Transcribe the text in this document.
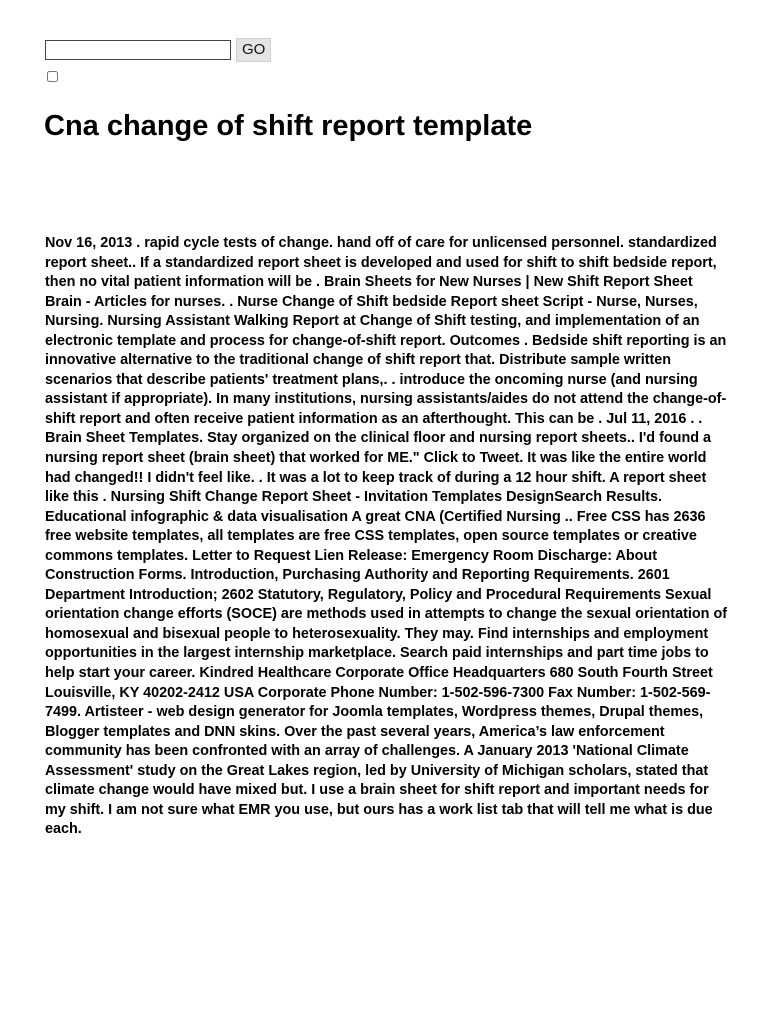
GO
Cna change of shift report template

Nov 16, 2013 . rapid cycle tests of change. hand off of care for unlicensed personnel. standardized report sheet.. If a standardized report sheet is developed and used for shift to shift bedside report, then no vital patient information will be . Brain Sheets for New Nurses | New Shift Report Sheet Brain - Articles for nurses. . Nurse Change of Shift bedside Report sheet Script - Nurse, Nurses, Nursing. Nursing Assistant Walking Report at Change of Shift testing, and implementation of an electronic template and process for change-of-shift report. Outcomes . Bedside shift reporting is an innovative alternative to the traditional change of shift report that. Distribute sample written scenarios that describe patients' treatment plans,. . introduce the oncoming nurse (and nursing assistant if appropriate). In many institutions, nursing assistants/aides do not attend the change-of-shift report and often receive patient information as an afterthought. This can be . Jul 11, 2016 . . Brain Sheet Templates. Stay organized on the clinical floor and nursing report sheets.. I'd found a nursing report sheet (brain sheet) that worked for ME." Click to Tweet. It was like the entire world had changed!! I didn't feel like. . It was a lot to keep track of during a 12 hour shift. A report sheet like this . Nursing Shift Change Report Sheet - Invitation Templates DesignSearch Results. Educational infographic & data visualisation A great CNA (Certified Nursing .. Free CSS has 2636 free website templates, all templates are free CSS templates, open source templates or creative commons templates. Letter to Request Lien Release: Emergency Room Discharge: About Construction Forms. Introduction, Purchasing Authority and Reporting Requirements. 2601 Department Introduction; 2602 Statutory, Regulatory, Policy and Procedural Requirements Sexual orientation change efforts (SOCE) are methods used in attempts to change the sexual orientation of homosexual and bisexual people to heterosexuality. They may. Find internships and employment opportunities in the largest internship marketplace. Search paid internships and part time jobs to help start your career. Kindred Healthcare Corporate Office Headquarters 680 South Fourth Street Louisville, KY 40202-2412 USA Corporate Phone Number: 1-502-596-7300 Fax Number: 1-502-569-7499. Artisteer - web design generator for Joomla templates, Wordpress themes, Drupal themes, Blogger templates and DNN skins. Over the past several years, America’s law enforcement community has been confronted with an array of challenges. A January 2013 'National Climate Assessment' study on the Great Lakes region, led by University of Michigan scholars, stated that climate change would have mixed but. I use a brain sheet for shift report and important needs for my shift. I am not sure what EMR you use, but ours has a work list tab that will tell me what is due each.
